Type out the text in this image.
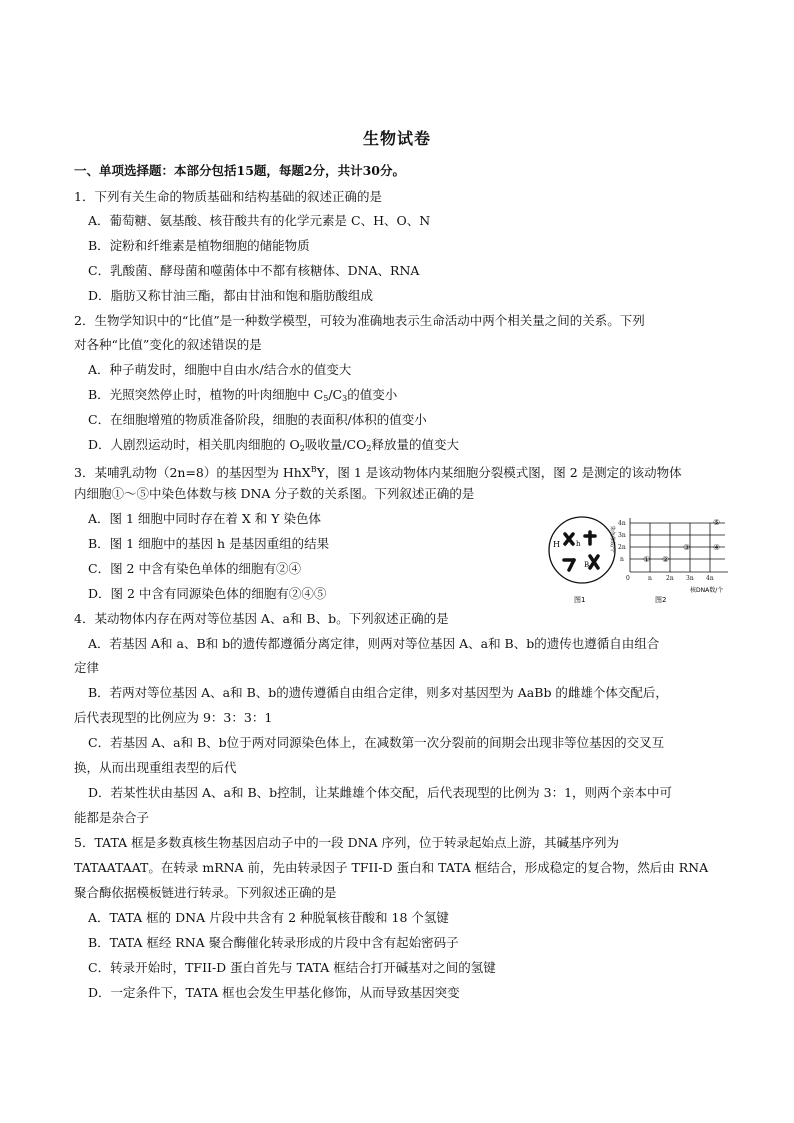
生物试卷
一、单项选择题：本部分包括15题，每题2分，共计30分。
1．下列有关生命的物质基础和结构基础的叙述正确的是
A．葡萄糖、氨基酸、核苷酸共有的化学元素是 C、H、O、N
B．淀粉和纤维素是植物细胞的储能物质
C．乳酸菌、酵母菌和噬菌体中不都有核糖体、DNA、RNA
D．脂肪又称甘油三酯，都由甘油和饱和脂肪酸组成
2．生物学知识中的“比值”是一种数学模型，可较为准确地表示生命活动中两个相关量之间的关系。下列
对各种“比值”变化的叙述错误的是
A．种子萌发时，细胞中自由水/结合水的值变大
B．光照突然停止时，植物的叶肉细胞中 $C_5/C_3$的值变小
C．在细胞增殖的物质准备阶段，细胞的表面积/体积的值变小
D．人剧烈运动时，相关肌肉细胞的 $O_2$吸收量$/CO_2$释放量的值变大
3．某哺乳动物（2n=8）的基因型为 HhX$^B$Y，图 1 是该动物体内某细胞分裂模式图，图 2 是测定的该动物体
内细胞①～⑤中染色体数与核 DNA 分子数的关系图。下列叙述正确的是
A．图 1 细胞中同时存在着 X 和 Y 染色体
B．图 1 细胞中的基因 h 是基因重组的结果
C．图 2 中含有染色单体的细胞有②④
D．图 2 中含有同源染色体的细胞有②④⑤
H
B
h
图1
染色体数/个
4n
3n
2n
n
0	n 2n 3n 4n
① ②
③	④
⑤
核DNA数/个
图2
4．某动物体内存在两对等位基因 A、a和 B、b。下列叙述正确的是
A．若基因 A和 a、B和 b的遗传都遵循分离定律，则两对等位基因 A、a和 B、b的遗传也遵循自由组合
定律
B．若两对等位基因 A、a和 B、b的遗传遵循自由组合定律，则多对基因型为 AaBb 的雌雄个体交配后，
后代表现型的比例应为 9：3：3：1
C．若基因 A、a和 B、b位于两对同源染色体上，在减数第一次分裂前的间期会出现非等位基因的交叉互
换，从而出现重组表型的后代
D．若某性状由基因 A、a和 B、b控制，让某雌雄个体交配，后代表现型的比例为 3：1，则两个亲本中可
能都是杂合子
5．TATA 框是多数真核生物基因启动子中的一段 DNA 序列，位于转录起始点上游，其碱基序列为
TATAATAAT。在转录 mRNA 前，先由转录因子 TFII-D 蛋白和 TATA 框结合，形成稳定的复合物，然后由 RNA
聚合酶依据模板链进行转录。下列叙述正确的是
A．TATA 框的 DNA 片段中共含有 2 种脱氧核苷酸和 18 个氢键
B．TATA 框经 RNA 聚合酶催化转录形成的片段中含有起始密码子
C．转录开始时，TFII-D 蛋白首先与 TATA 框结合打开碱基对之间的氢键
D．一定条件下，TATA 框也会发生甲基化修饰，从而导致基因突变
